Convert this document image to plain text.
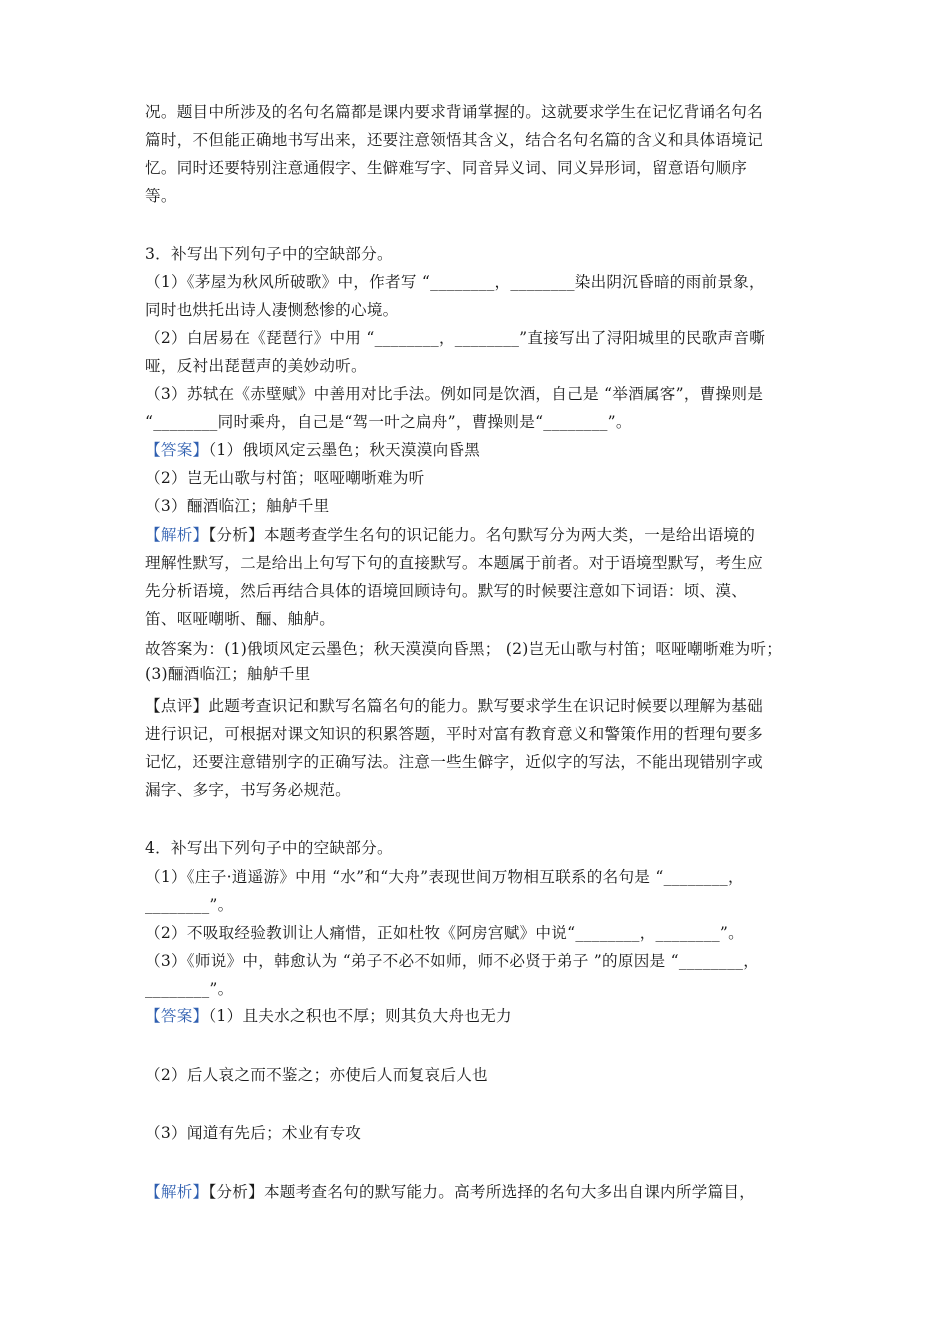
况。题目中所涉及的名句名篇都是课内要求背诵掌握的。这就要求学生在记忆背诵名句名
篇时，不但能正确地书写出来，还要注意领悟其含义，结合名句名篇的含义和具体语境记
忆。同时还要特别注意通假字、生僻难写字、同音异义词、同义异形词，留意语句顺序
等。
3．补写出下列句子中的空缺部分。
（1）《茅屋为秋风所破歌》中，作者写 “________，________染出阴沉昏暗的雨前景象，
同时也烘托出诗人凄恻愁惨的心境。
（2）白居易在《琵琶行》中用 “________，________”直接写出了浔阳城里的民歌声音嘶
哑，反衬出琵琶声的美妙动听。
（3）苏轼在《赤壁赋》中善用对比手法。例如同是饮酒，自己是 “举酒属客”，曹操则是
“________同时乘舟，自己是“驾一叶之扁舟”，曹操则是“________”。
【答案】（1）俄顷风定云墨色；秋天漠漠向昏黑
（2）岂无山歌与村笛；呕哑嘲哳难为听
（3）酾酒临江；舳舻千里
【解析】【分析】本题考查学生名句的识记能力。名句默写分为两大类，一是给出语境的
理解性默写，二是给出上句写下句的直接默写。本题属于前者。对于语境型默写，考生应
先分析语境，然后再结合具体的语境回顾诗句。默写的时候要注意如下词语：顷、漠、
笛、呕哑嘲哳、酾、舳舻。
故答案为：(1)俄顷风定云墨色；秋天漠漠向昏黑； (2)岂无山歌与村笛；呕哑嘲哳难为听；
(3)酾酒临江；舳舻千里
【点评】此题考查识记和默写名篇名句的能力。默写要求学生在识记时候要以理解为基础
进行识记，可根据对课文知识的积累答题，平时对富有教育意义和警策作用的哲理句要多
记忆，还要注意错别字的正确写法。注意一些生僻字，近似字的写法，不能出现错别字或
漏字、多字，书写务必规范。
4．补写出下列句子中的空缺部分。
（1）《庄子·逍遥游》中用 “水”和“大舟”表现世间万物相互联系的名句是 “________，
________”。
（2）不吸取经验教训让人痛惜，正如杜牧《阿房宫赋》中说“________，________”。
（3）《师说》中，韩愈认为 “弟子不必不如师，师不必贤于弟子 ”的原因是 “________，
________”。
【答案】（1）且夫水之积也不厚；则其负大舟也无力
（2）后人哀之而不鉴之；亦使后人而复哀后人也
（3）闻道有先后；术业有专攻
【解析】【分析】本题考查名句的默写能力。高考所选择的名句大多出自课内所学篇目，
